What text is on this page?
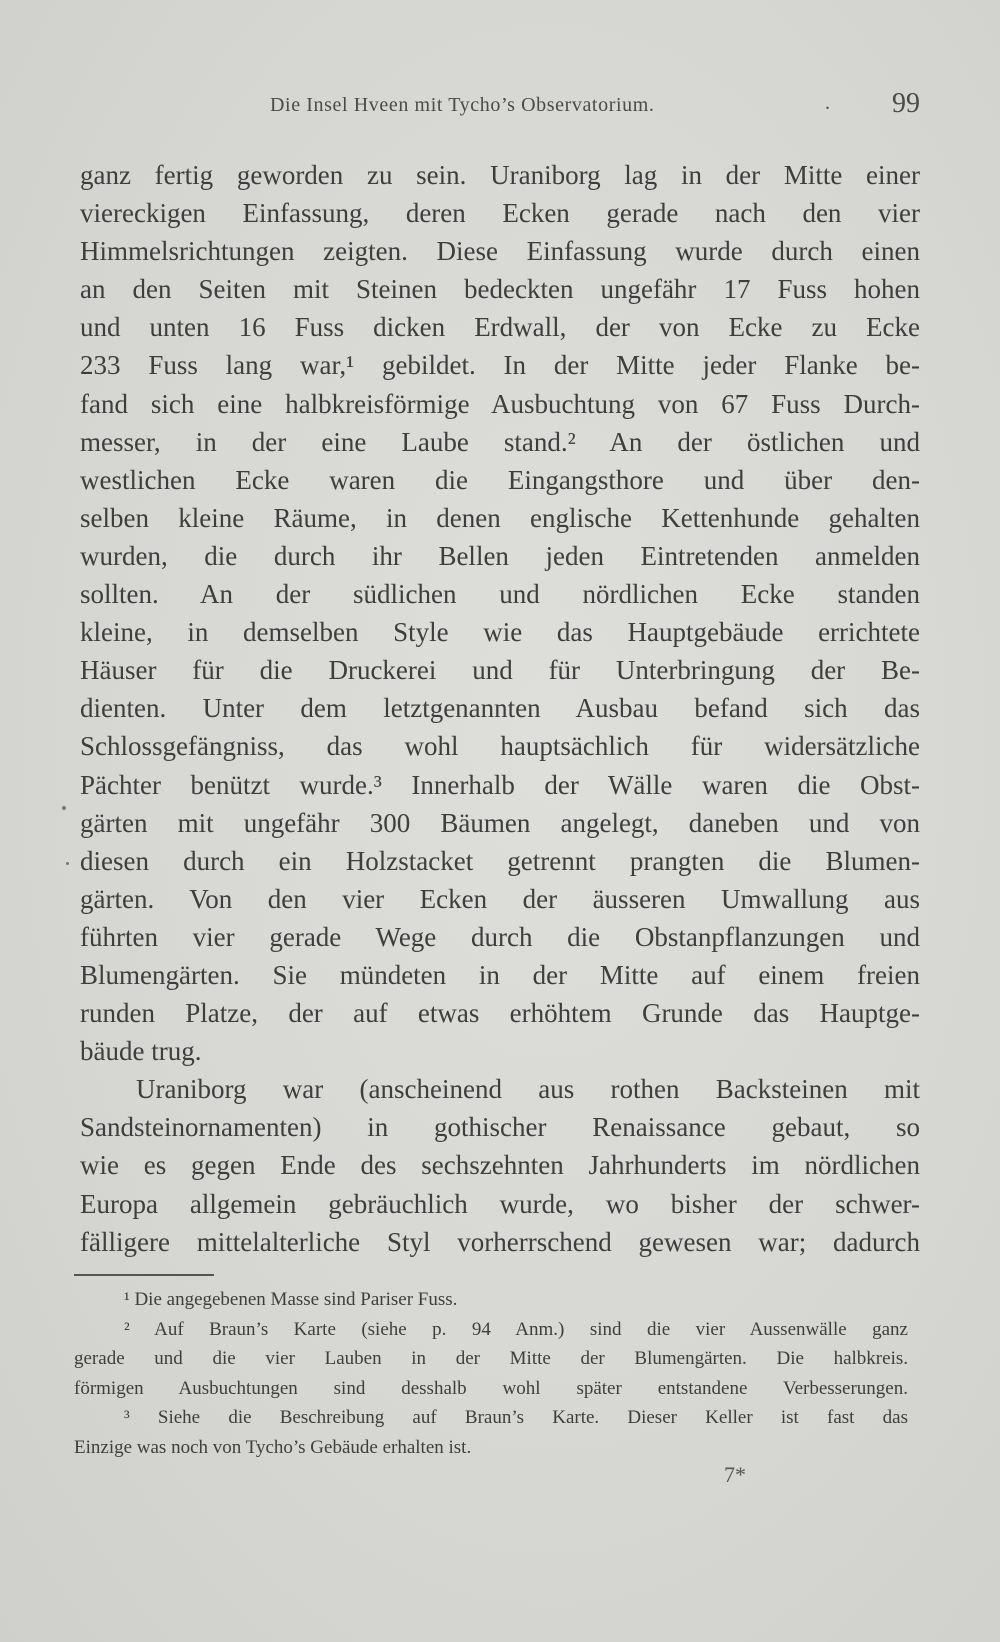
Die Insel Hveen mit Tycho’s Observatorium.	. 99
ganz fertig geworden zu sein. Uraniborg lag in der Mitte einer
viereckigen Einfassung, deren Ecken gerade nach den vier
Himmelsrichtungen zeigten. Diese Einfassung wurde durch einen
an den Seiten mit Steinen bedeckten ungefähr 17 Fuss hohen
und unten 16 Fuss dicken Erdwall, der von Ecke zu Ecke
233 Fuss lang war,¹ gebildet. In der Mitte jeder Flanke be-
fand sich eine halbkreisförmige Ausbuchtung von 67 Fuss Durch-
messer, in der eine Laube stand.² An der östlichen und
westlichen Ecke waren die Eingangsthore und über den-
selben kleine Räume, in denen englische Kettenhunde gehalten
wurden, die durch ihr Bellen jeden Eintretenden anmelden
sollten. An der südlichen und nördlichen Ecke standen
kleine, in demselben Style wie das Hauptgebäude errichtete
Häuser für die Druckerei und für Unterbringung der Be-
dienten. Unter dem letztgenannten Ausbau befand sich das
Schlossgefängniss, das wohl hauptsächlich für widersätzliche
Pächter benützt wurde.³ Innerhalb der Wälle waren die Obst-
gärten mit ungefähr 300 Bäumen angelegt, daneben und von
diesen durch ein Holzstacket getrennt prangten die Blumen-
gärten. Von den vier Ecken der äusseren Umwallung aus
führten vier gerade Wege durch die Obstanpflanzungen und
Blumengärten. Sie mündeten in der Mitte auf einem freien
runden Platze, der auf etwas erhöhtem Grunde das Hauptge-
bäude trug.
Uraniborg war (anscheinend aus rothen Backsteinen mit
Sandsteinornamenten) in gothischer Renaissance gebaut, so
wie es gegen Ende des sechszehnten Jahrhunderts im nördlichen
Europa allgemein gebräuchlich wurde, wo bisher der schwer-
fälligere mittelalterliche Styl vorherrschend gewesen war; dadurch
¹ Die angegebenen Masse sind Pariser Fuss.
² Auf Braun’s Karte (siehe p. 94 Anm.) sind die vier Aussenwälle ganz
gerade und die vier Lauben in der Mitte der Blumengärten. Die halbkreis.
förmigen Ausbuchtungen sind desshalb wohl später entstandene Verbesserungen.
³ Siehe die Beschreibung auf Braun’s Karte. Dieser Keller ist fast das
Einzige was noch von Tycho’s Gebäude erhalten ist.
7*
